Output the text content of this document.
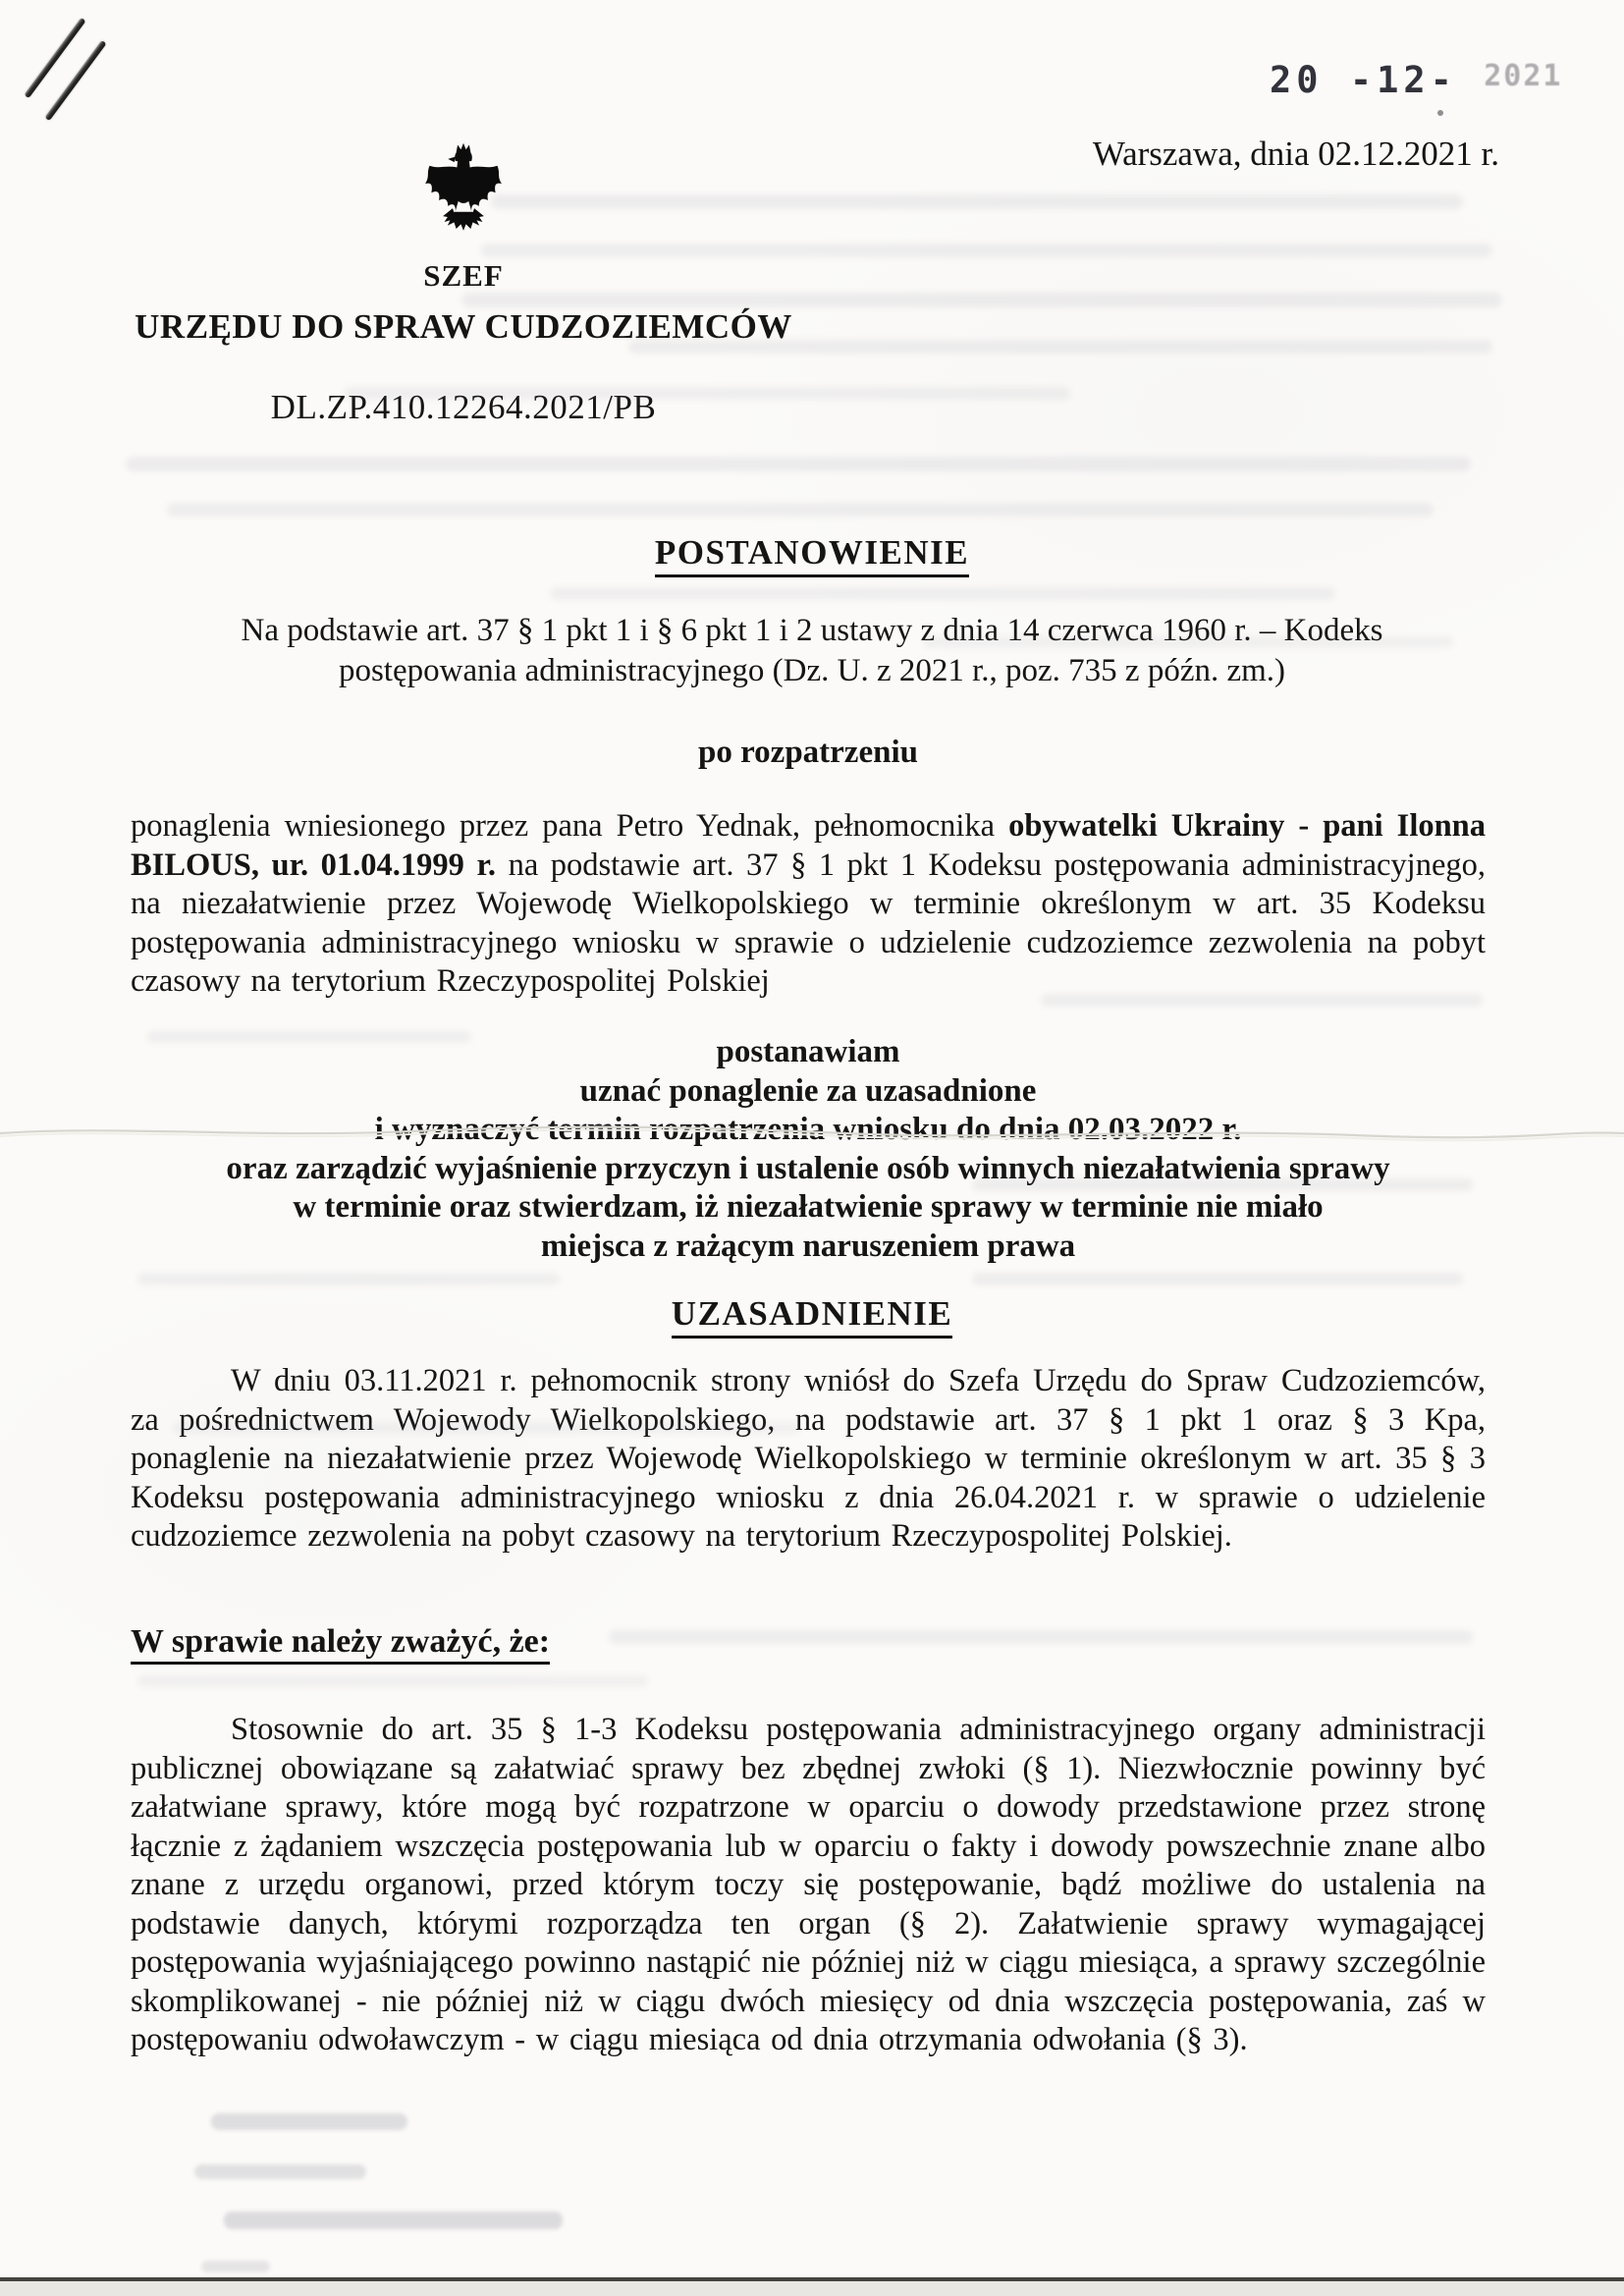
20 -12- 2021
Warszawa, dnia 02.12.2021 r.
SZEF
URZĘDU DO SPRAW CUDZOZIEMCÓW
DL.ZP.410.12264.2021/PB
POSTANOWIENIE
Na podstawie art. 37 § 1 pkt 1 i § 6 pkt 1 i 2 ustawy z dnia 14 czerwca 1960 r. – Kodeks postępowania administracyjnego (Dz. U. z 2021 r., poz. 735 z późn. zm.)
po rozpatrzeniu
ponaglenia wniesionego przez pana Petro Yednak, pełnomocnika obywatelki Ukrainy - pani Ilonna BILOUS, ur. 01.04.1999 r. na podstawie art. 37 § 1 pkt 1 Kodeksu postępowania administracyjnego, na niezałatwienie przez Wojewodę Wielkopolskiego w terminie określonym w art. 35 Kodeksu postępowania administracyjnego wniosku w sprawie o udzielenie cudzoziemce zezwolenia na pobyt czasowy na terytorium Rzeczypospolitej Polskiej
postanawiam
uznać ponaglenie za uzasadnione
i wyznaczyć termin rozpatrzenia wniosku do dnia 02.03.2022 r.
oraz zarządzić wyjaśnienie przyczyn i ustalenie osób winnych niezałatwienia sprawy
w terminie oraz stwierdzam, iż niezałatwienie sprawy w terminie nie miało
miejsca z rażącym naruszeniem prawa
UZASADNIENIE
W dniu 03.11.2021 r. pełnomocnik strony wniósł do Szefa Urzędu do Spraw Cudzoziemców, za pośrednictwem Wojewody Wielkopolskiego, na podstawie art. 37 § 1 pkt 1 oraz § 3 Kpa, ponaglenie na niezałatwienie przez Wojewodę Wielkopolskiego w terminie określonym w art. 35 § 3 Kodeksu postępowania administracyjnego wniosku z dnia 26.04.2021 r. w sprawie o udzielenie cudzoziemce zezwolenia na pobyt czasowy na terytorium Rzeczypospolitej Polskiej.
W sprawie należy zważyć, że:
Stosownie do art. 35 § 1-3 Kodeksu postępowania administracyjnego organy administracji publicznej obowiązane są załatwiać sprawy bez zbędnej zwłoki (§ 1). Niezwłocznie powinny być załatwiane sprawy, które mogą być rozpatrzone w oparciu o dowody przedstawione przez stronę łącznie z żądaniem wszczęcia postępowania lub w oparciu o fakty i dowody powszechnie znane albo znane z urzędu organowi, przed którym toczy się postępowanie, bądź możliwe do ustalenia na podstawie danych, którymi rozporządza ten organ (§ 2). Załatwienie sprawy wymagającej postępowania wyjaśniającego powinno nastąpić nie później niż w ciągu miesiąca, a sprawy szczególnie skomplikowanej - nie później niż w ciągu dwóch miesięcy od dnia wszczęcia postępowania, zaś w postępowaniu odwoławczym - w ciągu miesiąca od dnia otrzymania odwołania (§ 3).
